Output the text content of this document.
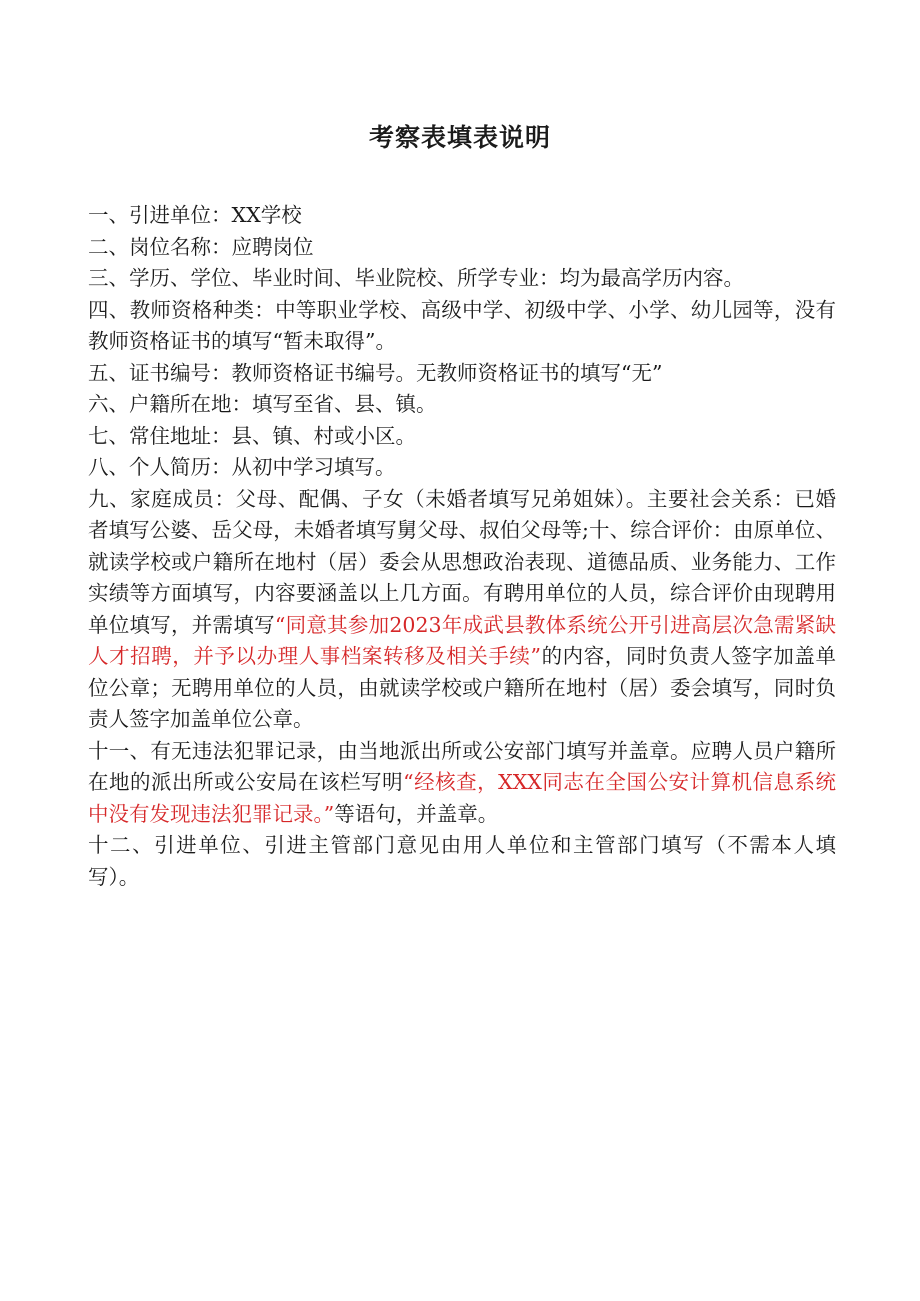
考察表填表说明

一、引进单位：XX学校

二、岗位名称：应聘岗位

三、学历、学位、毕业时间、毕业院校、所学专业：均为最高学历内容。

四、教师资格种类：中等职业学校、高级中学、初级中学、小学、幼儿园等，没有教师资格证书的填写“暂未取得”。

五、证书编号：教师资格证书编号。无教师资格证书的填写“无”

六、户籍所在地：填写至省、县、镇。

七、常住地址：县、镇、村或小区。

八、个人简历：从初中学习填写。

九、家庭成员：父母、配偶、子女（未婚者填写兄弟姐妹）。主要社会关系：已婚者填写公婆、岳父母，未婚者填写舅父母、叔伯父母等;十、综合评价：由原单位、就读学校或户籍所在地村（居）委会从思想政治表现、道德品质、业务能力、工作实绩等方面填写，内容要涵盖以上几方面。有聘用单位的人员，综合评价由现聘用单位填写，并需填写“同意其参加2023年成武县教体系统公开引进高层次急需紧缺人才招聘，并予以办理人事档案转移及相关手续”的内容，同时负责人签字加盖单位公章；无聘用单位的人员，由就读学校或户籍所在地村（居）委会填写，同时负责人签字加盖单位公章。

十一、有无违法犯罪记录，由当地派出所或公安部门填写并盖章。应聘人员户籍所在地的派出所或公安局在该栏写明“经核查，XXX同志在全国公安计算机信息系统中没有发现违法犯罪记录。”等语句，并盖章。

十二、引进单位、引进主管部门意见由用人单位和主管部门填写（不需本人填写）。
